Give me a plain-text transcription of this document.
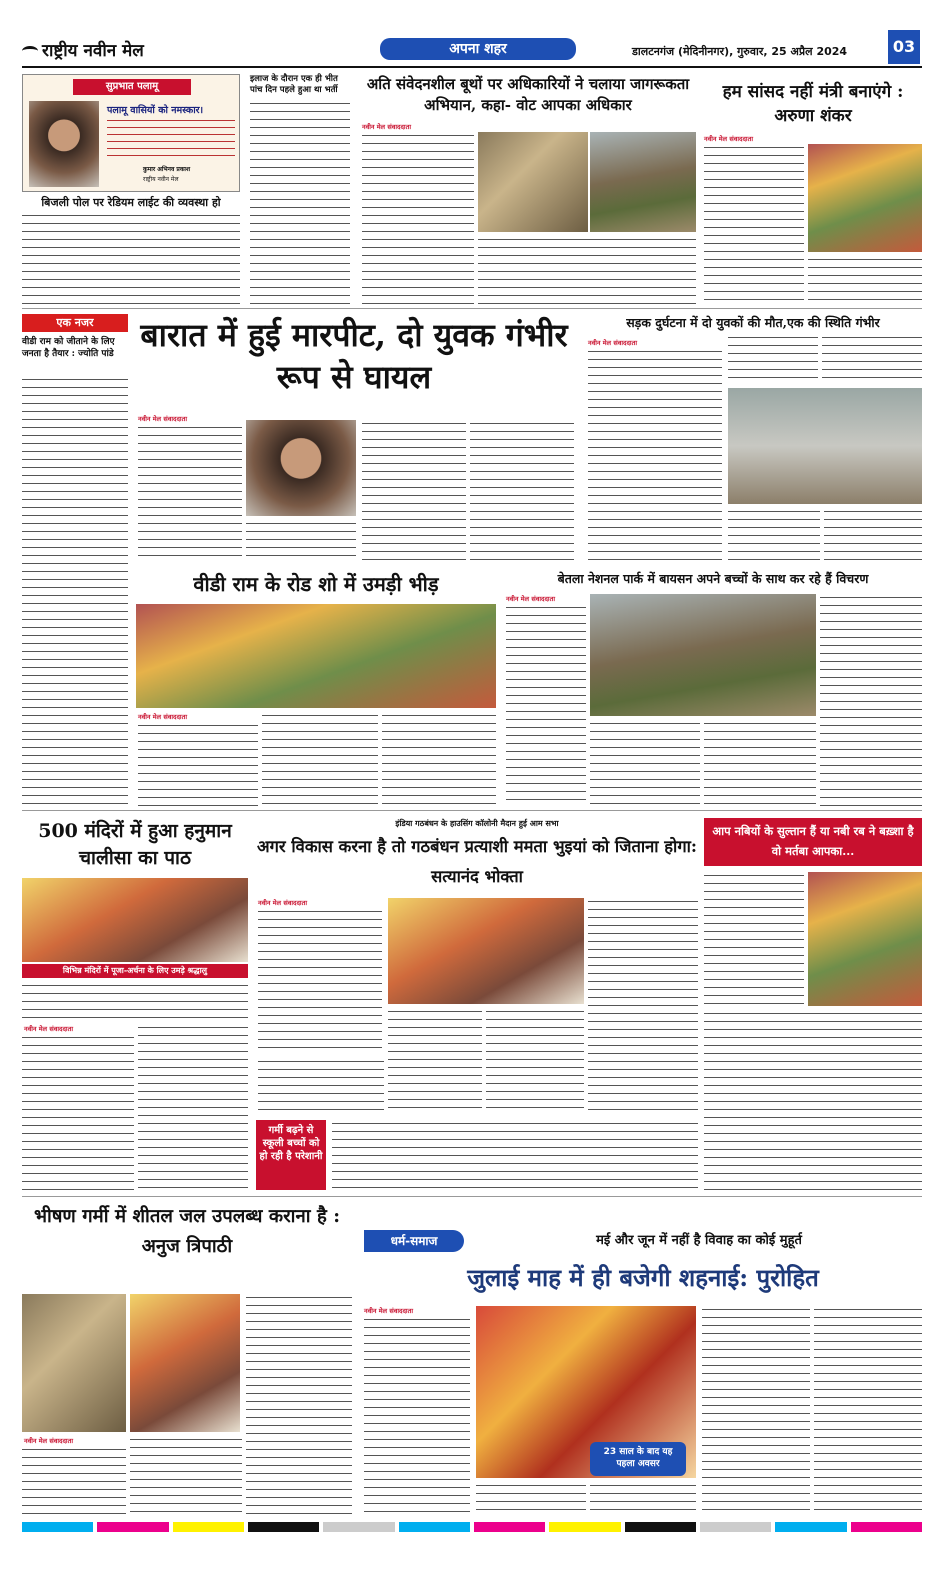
राष्ट्रीय नवीन मेल	अपना शहर	डालटनगंज (मेदिनीनगर), गुरुवार, 25 अप्रैल 2024	03
सुप्रभात पलामू
पलामू वासियों को नमस्कार।
कुमार अभिनव प्रकाश
राष्ट्रीय नवीन मेल
बिजली पोल पर रेडियम लाईट की व्यवस्था हो
इलाज के दौरान एक ही भीत पांच दिन पहले हुआ था भर्ती	अति संवेदनशील बूथों पर अधिकारियों ने चलाया जागरूकता अभियान, कहा- वोट आपका अधिकार
नवीन मेल संवाददाता
हम सांसद नहीं मंत्री बनाएंगे : अरुणा शंकर
नवीन मेल संवाददाता
एक नजर
वीडी राम को जीताने के लिए जनता है तैयार : ज्योति पांडे बारात में हुई मारपीट, दो युवक गंभीर रूप से घायल
नवीन मेल संवाददाता
सड़क दुर्घटना में दो युवकों की मौत,एक की स्थिति गंभीर
नवीन मेल संवाददाता
वीडी राम के रोड शो में उमड़ी भीड़
नवीन मेल संवाददाता
बेतला नेशनल पार्क में बायसन अपने बच्चों के साथ कर रहे हैं विचरण
नवीन मेल संवाददाता
500 मंदिरों में हुआ हनुमान चालीसा का पाठ
विभिन्न मंदिरों में पूजा-अर्चना के लिए उमड़े श्रद्धालु
नवीन मेल संवाददाता
इंडिया गठबंधन के हाउसिंग कॉलोनी मैदान हुई आम सभा
अगर विकास करना है तो गठबंधन प्रत्याशी ममता भुइयां को जिताना होगा: सत्यानंद भोक्ता
नवीन मेल संवाददाता
गर्मी बढ़ने से स्कूली बच्चों को हो रही है परेशानी
आप नबियों के सुल्तान हैं या नबी रब ने बख़्शा है वो मर्तबा आपका...
भीषण गर्मी में शीतल जल उपलब्ध कराना है : अनुज त्रिपाठी
नवीन मेल संवाददाता
धर्म-समाज	मई और जून में नहीं है विवाह का कोई मुहूर्त
जुलाई माह में ही बजेगी शहनाई: पुरोहित
नवीन मेल संवाददाता
23 साल के बाद यह पहला अवसर
